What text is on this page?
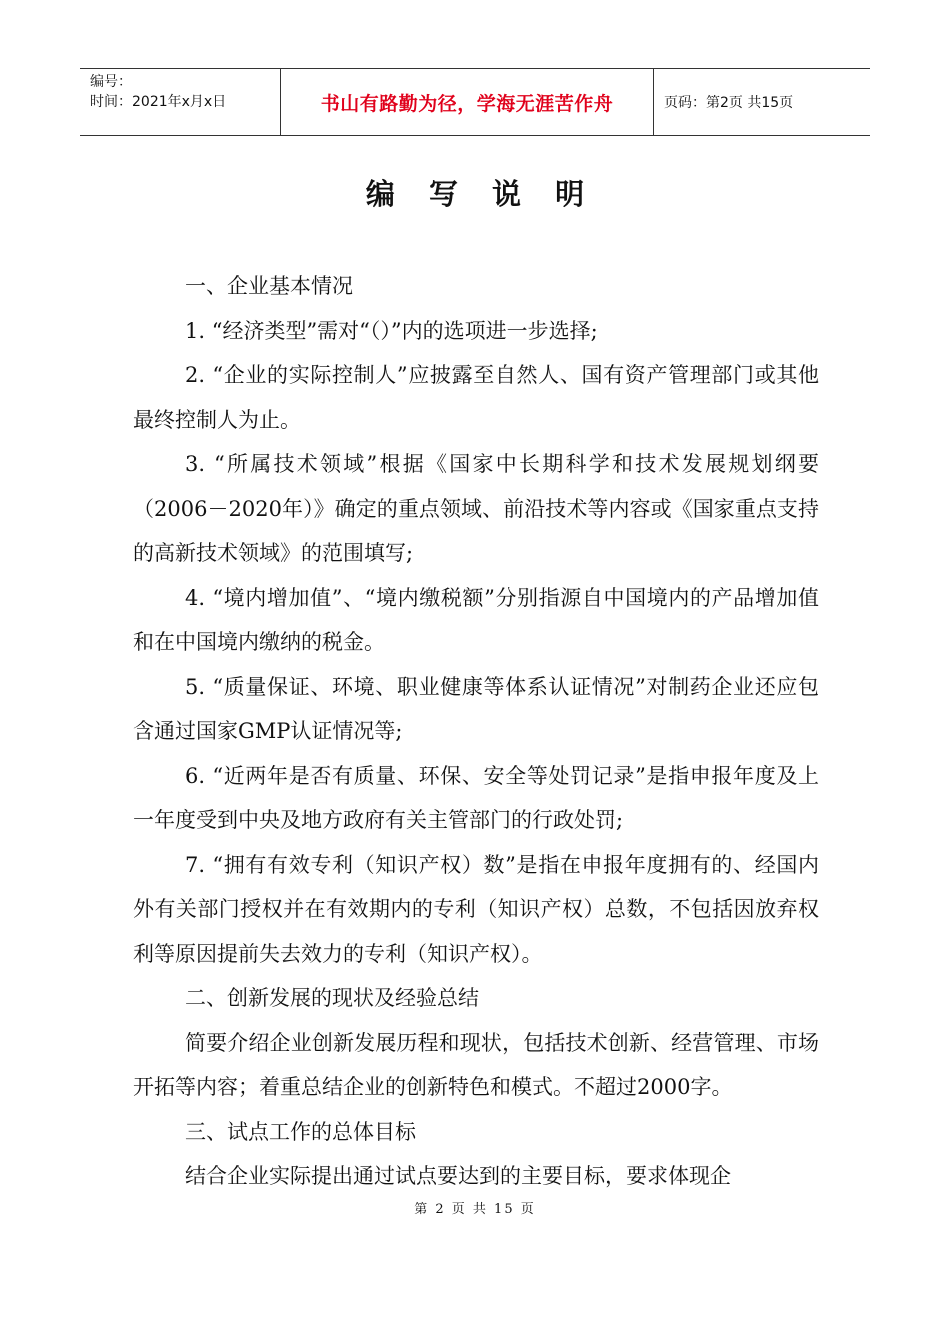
编号：
时间：2021年x月x日	书山有路勤为径，学海无涯苦作舟	页码：第2页 共15页
编 写 说 明

一、企业基本情况

1. “经济类型”需对“（）”内的选项进一步选择;

2. “企业的实际控制人”应披露至自然人、国有资产管理部门或其他最终控制人为止。

3. “所属技术领域”根据《国家中长期科学和技术发展规划纲要（2006－2020年）》确定的重点领域、前沿技术等内容或《国家重点支持的高新技术领域》的范围填写;

4. “境内增加值”、“境内缴税额”分别指源自中国境内的产品增加值和在中国境内缴纳的税金。

5. “质量保证、环境、职业健康等体系认证情况”对制药企业还应包含通过国家GMP认证情况等;

6. “近两年是否有质量、环保、安全等处罚记录”是指申报年度及上一年度受到中央及地方政府有关主管部门的行政处罚;

7. “拥有有效专利（知识产权）数”是指在申报年度拥有的、经国内外有关部门授权并在有效期内的专利（知识产权）总数，不包括因放弃权利等原因提前失去效力的专利（知识产权）。

二、创新发展的现状及经验总结

简要介绍企业创新发展历程和现状，包括技术创新、经营管理、市场开拓等内容；着重总结企业的创新特色和模式。不超过2000字。

三、试点工作的总体目标

结合企业实际提出通过试点要达到的主要目标，要求体现企

第 2 页 共 15 页
